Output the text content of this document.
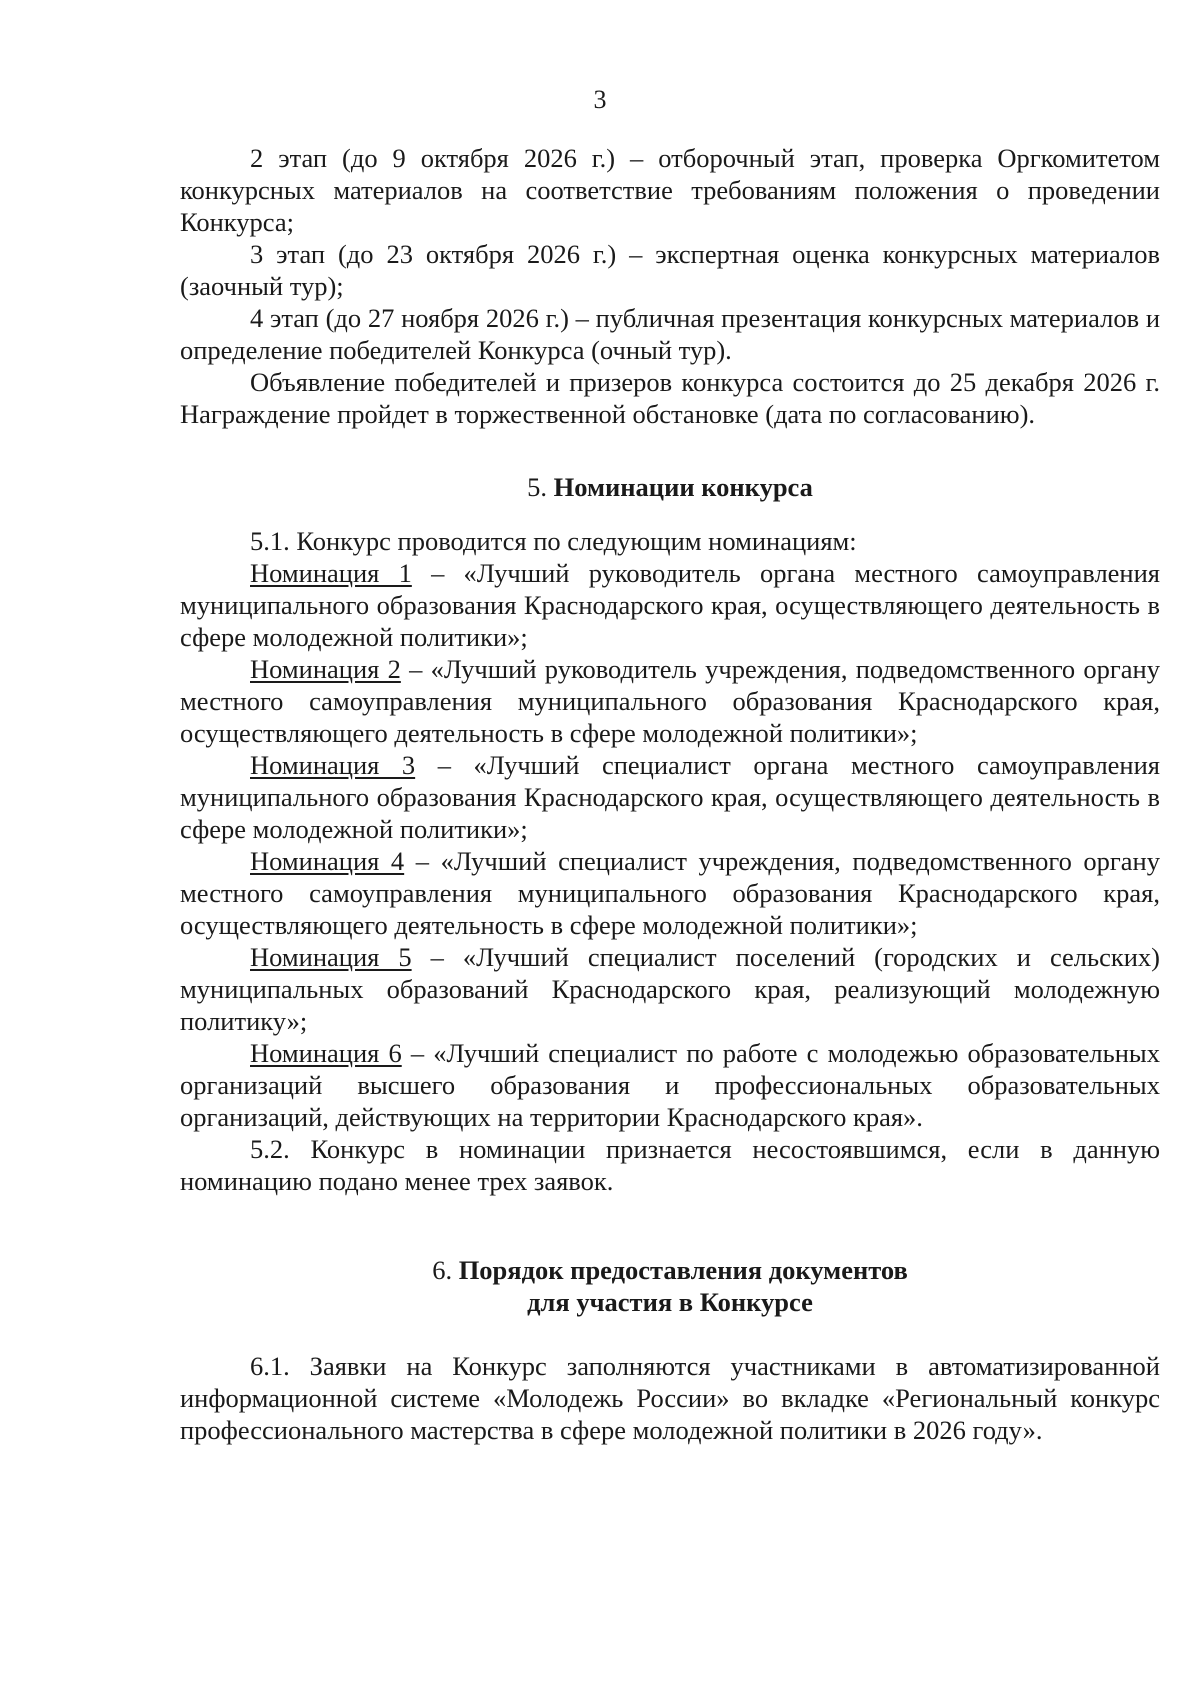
3

2 этап (до 9 октября 2026 г.) – отборочный этап, проверка Оргкомитетом конкурсных материалов на соответствие требованиям положения о проведении Конкурса;

3 этап (до 23 октября 2026 г.) – экспертная оценка конкурсных материалов (заочный тур);

4 этап (до 27 ноября 2026 г.) – публичная презентация конкурсных материалов и определение победителей Конкурса (очный тур).

Объявление победителей и призеров конкурса состоится до 25 декабря 2026 г. Награждение пройдет в торжественной обстановке (дата по согласованию).

5. Номинации конкурса

5.1. Конкурс проводится по следующим номинациям:

Номинация 1 – «Лучший руководитель органа местного самоуправления муниципального образования Краснодарского края, осуществляющего деятельность в сфере молодежной политики»;

Номинация 2 – «Лучший руководитель учреждения, подведомственного органу местного самоуправления муниципального образования Краснодарского края, осуществляющего деятельность в сфере молодежной политики»;

Номинация 3 – «Лучший специалист органа местного самоуправления муниципального образования Краснодарского края, осуществляющего деятельность в сфере молодежной политики»;

Номинация 4 – «Лучший специалист учреждения, подведомственного органу местного самоуправления муниципального образования Краснодарского края, осуществляющего деятельность в сфере молодежной политики»;

Номинация 5 – «Лучший специалист поселений (городских и сельских) муниципальных образований Краснодарского края, реализующий молодежную политику»;

Номинация 6 – «Лучший специалист по работе с молодежью образовательных организаций высшего образования и профессиональных образовательных организаций, действующих на территории Краснодарского края».

5.2. Конкурс в номинации признается несостоявшимся, если в данную номинацию подано менее трех заявок.

6. Порядок предоставления документов
для участия в Конкурсе

6.1. Заявки на Конкурс заполняются участниками в автоматизированной информационной системе «Молодежь России» во вкладке «Региональный конкурс профессионального мастерства в сфере молодежной политики в 2026 году».
